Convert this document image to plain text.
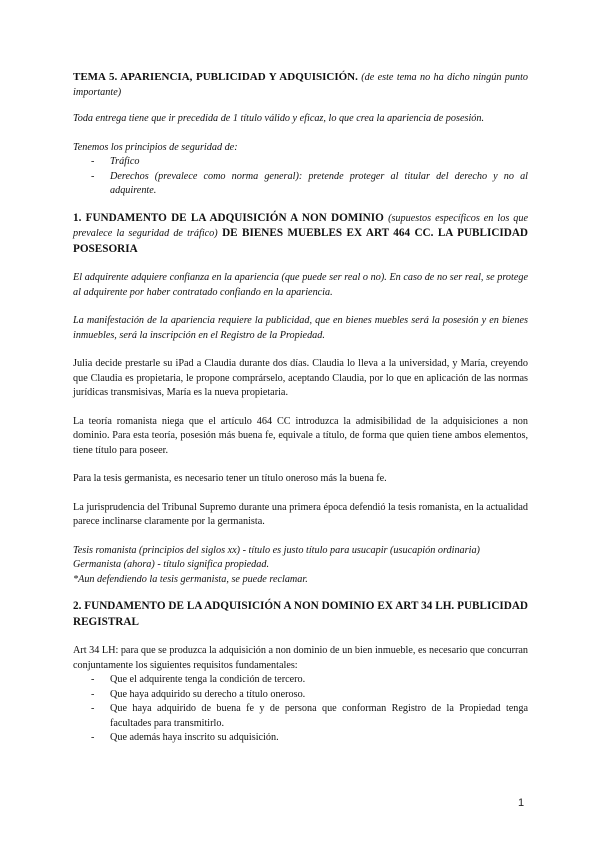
TEMA 5. APARIENCIA, PUBLICIDAD Y ADQUISICIÓN. (de este tema no ha dicho ningún punto importante)

Toda entrega tiene que ir precedida de 1 título válido y eficaz, lo que crea la apariencia de posesión.

Tenemos los principios de seguridad de:

- Tráfico
- Derechos (prevalece como norma general): pretende proteger al titular del derecho y no al adquirente.

1. FUNDAMENTO DE LA ADQUISICIÓN A NON DOMINIO (supuestos específicos en los que prevalece la seguridad de tráfico) DE BIENES MUEBLES EX ART 464 CC. LA PUBLICIDAD POSESORIA

El adquirente adquiere confianza en la apariencia (que puede ser real o no). En caso de no ser real, se protege al adquirente por haber contratado confiando en la apariencia.

La manifestación de la apariencia requiere la publicidad, que en bienes muebles será la posesión y en bienes inmuebles, será la inscripción en el Registro de la Propiedad.

Julia decide prestarle su iPad a Claudia durante dos días. Claudia lo lleva a la universidad, y María, creyendo que Claudia es propietaria, le propone comprárselo, aceptando Claudia, por lo que en aplicación de las normas jurídicas transmisivas, María es la nueva propietaria.

La teoría romanista niega que el artículo 464 CC introduzca la admisibilidad de la adquisiciones a non dominio. Para esta teoría, posesión más buena fe, equivale a título, de forma que quien tiene ambos elementos, tiene título para poseer.

Para la tesis germanista, es necesario tener un título oneroso más la buena fe.

La jurisprudencia del Tribunal Supremo durante una primera época defendió la tesis romanista, en la actualidad parece inclinarse claramente por la germanista.

Tesis romanista (principios del siglos xx) - título es justo título para usucapir (usucapión ordinaria)

Germanista (ahora) - título significa propiedad.

*Aun defendiendo la tesis germanista, se puede reclamar.

2. FUNDAMENTO DE LA ADQUISICIÓN A NON DOMINIO EX ART 34 LH. PUBLICIDAD REGISTRAL

Art 34 LH: para que se produzca la adquisición a non dominio de un bien inmueble, es necesario que concurran conjuntamente los siguientes requisitos fundamentales:

- Que el adquirente tenga la condición de tercero.
- Que haya adquirido su derecho a título oneroso.
- Que haya adquirido de buena fe y de persona que conforman Registro de la Propiedad tenga facultades para transmitirlo.
- Que además haya inscrito su adquisición.
1
